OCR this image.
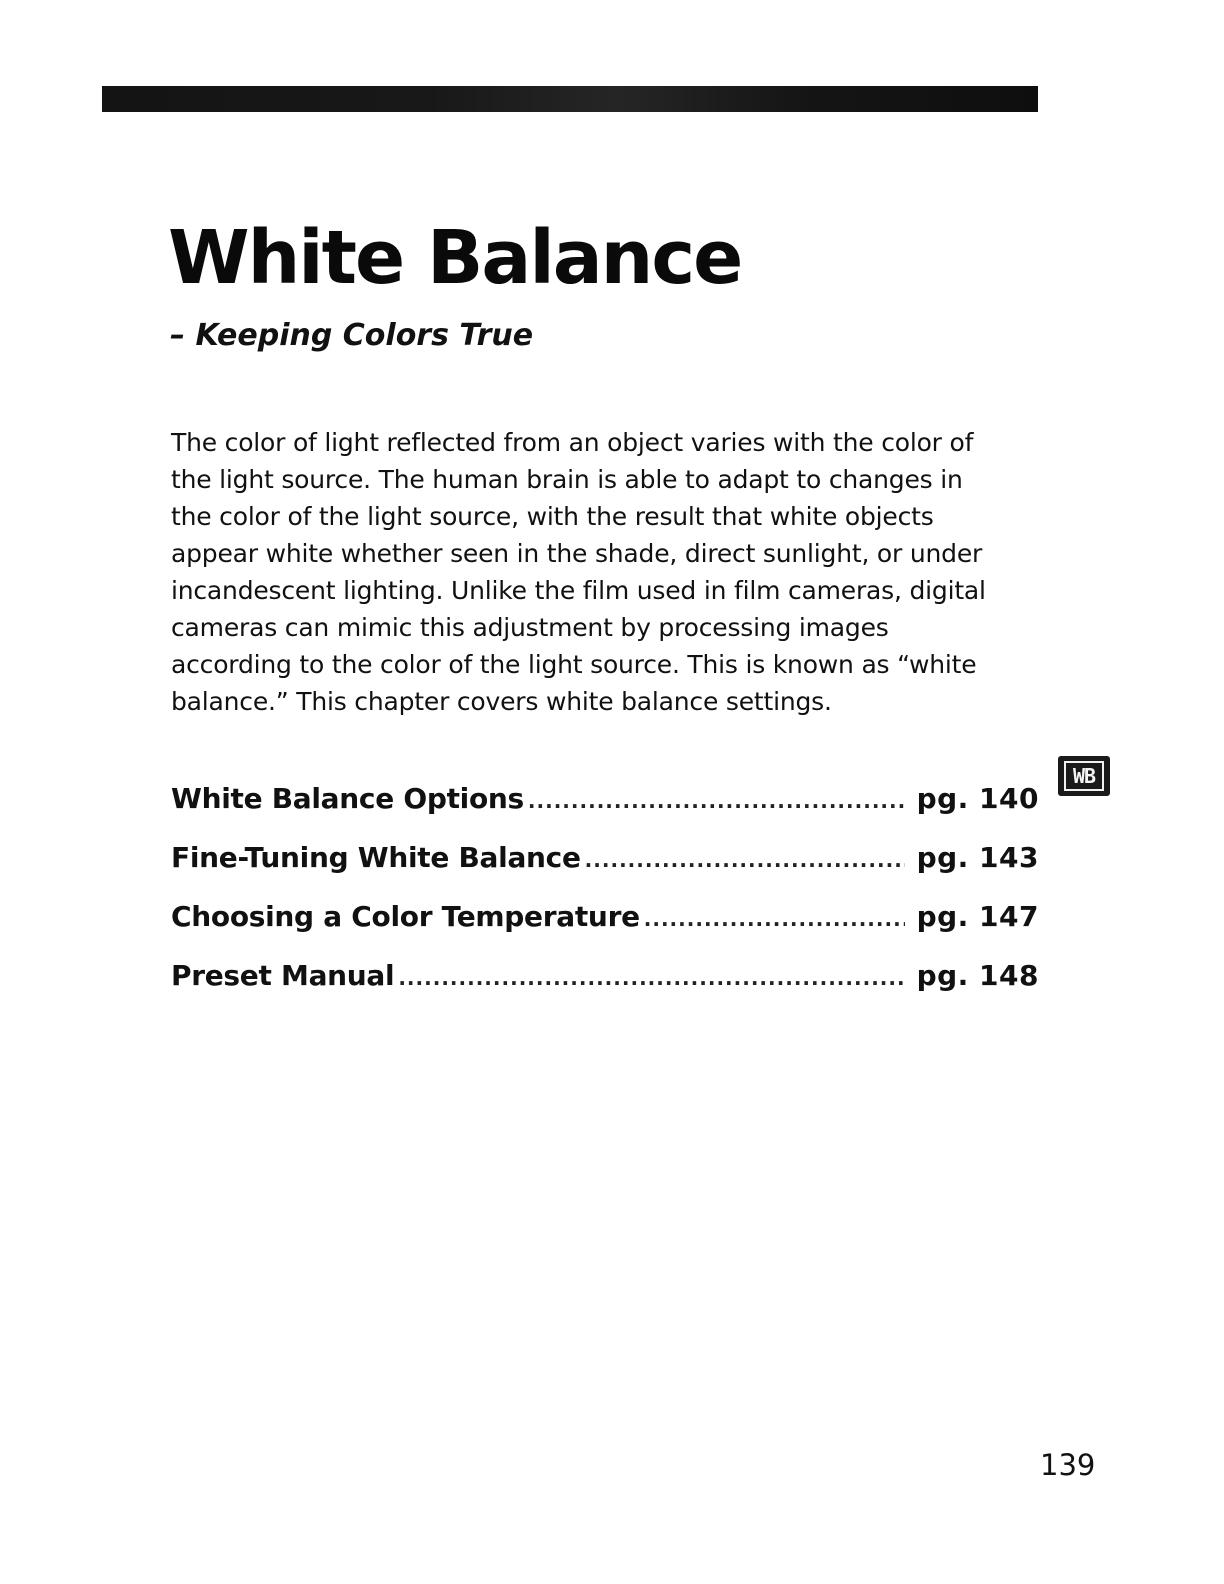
White Balance
– Keeping Colors True

The color of light reflected from an object varies with the color of
the light source. The human brain is able to adapt to changes in
the color of the light source, with the result that white objects
appear white whether seen in the shade, direct sunlight, or under
incandescent lighting. Unlike the film used in film cameras, digital
cameras can mimic this adjustment by processing images
according to the color of the light source. This is known as “white
balance.” This chapter covers white balance settings.

White Balance Options .....	pg. 140
Fine-Tuning White Balance .....	pg. 143
Choosing a Color Temperature .....	pg. 147
Preset Manual .....	pg. 148
WB
139
